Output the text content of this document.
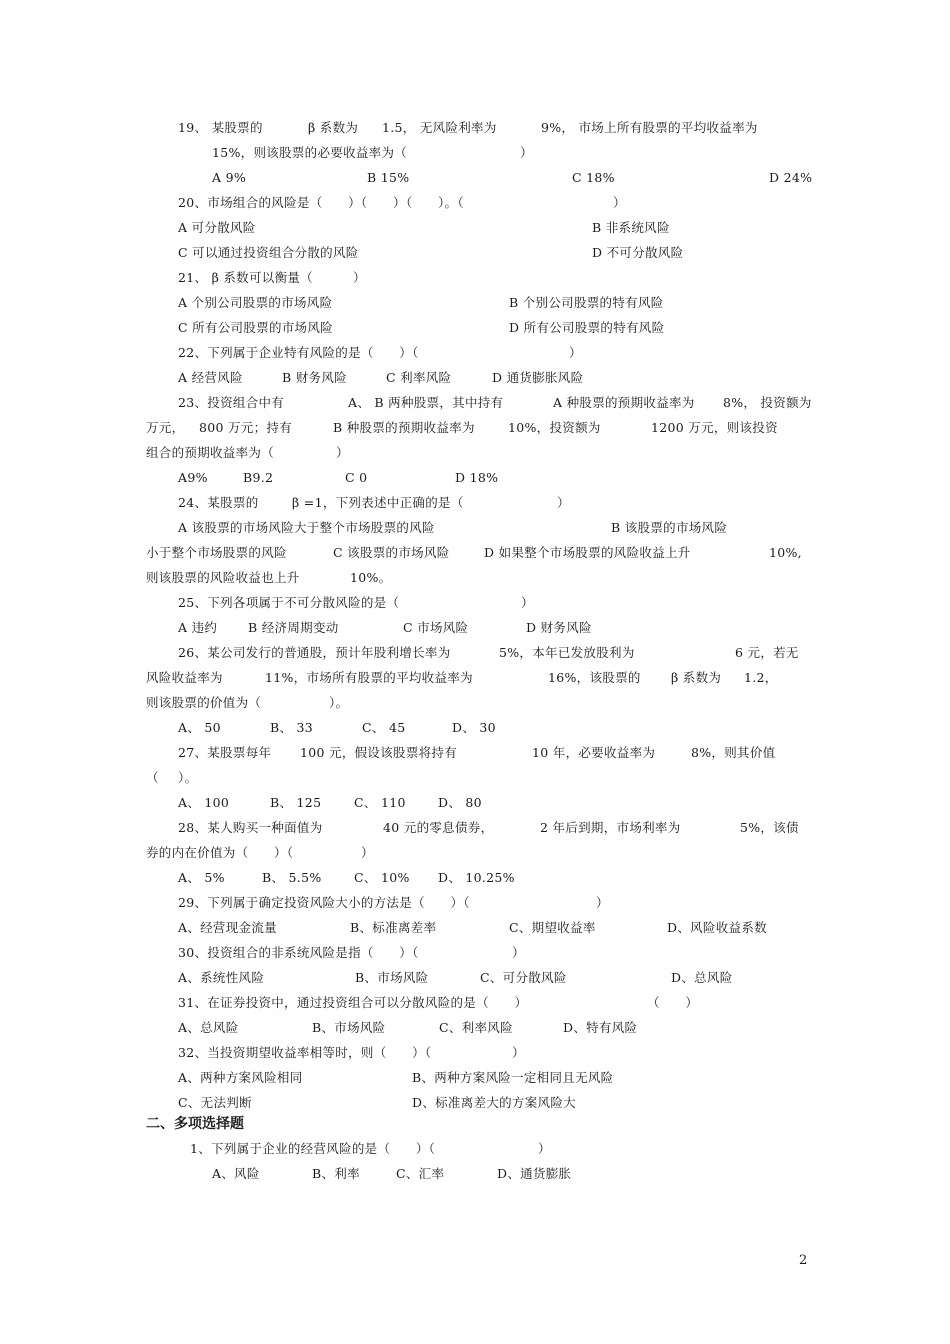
19、 某股票的	β 系数为 1.5， 无风险利率为	9%， 市场上所有股票的平均收益率为
15%，则该股票的必要收益率为（	）
A 9%	B 15%	C 18%	D 24%
20、市场组合的风险是（　　）（　　）（　　）。（	）
A 可分散风险	B 非系统风险
C 可以通过投资组合分散的风险	D 不可分散风险
21、 β 系数可以衡量（	）
A 个别公司股票的市场风险	B 个别公司股票的特有风险
C 所有公司股票的市场风险	D 所有公司股票的特有风险
22、下列属于企业特有风险的是（　　）（	）
A 经营风险	B 财务风险	C 利率风险	D 通货膨胀风险
23、投资组合中有	A、 B 两种股票，其中持有	A 种股票的预期收益率为 8%， 投资额为
万元， 800 万元；持有	B 种股票的预期收益率为	10%，投资额为	1200 万元，则该投资
组合的预期收益率为（	）
A9%	B9.2	C 0	D 18%
24、某股票的	β =1，下列表述中正确的是（	）
A 该股票的市场风险大于整个市场股票的风险　　　　	B 该股票的市场风险
小于整个市场股票的风险	C 该股票的市场风险	D 如果整个市场股票的风险收益上升	10%,
则该股票的风险收益也上升	10%。
25、下列各项属于不可分散风险的是（	）
A 违约 B 经济周期变动	C 市场风险	D 财务风险
26、某公司发行的普通股，预计年股利增长率为	5%，本年已发放股利为	6 元，若无
风险收益率为	11%，市场所有股票的平均收益率为	16%，该股票的 β 系数为 1.2，
则该股票的价值为（	）。
A、 50	B、 33	C、 45	D、 30
27、某股票每年 100 元，假设该股票将持有	10 年，必要收益率为	8%，则其价值
（ ）。
A、 100	B、 125	C、 110	D、 80
28、某人购买一种面值为	40 元的零息债券，	2 年后到期，市场利率为	5%，该债
券的内在价值为（　　）（	）
A、 5%	B、 5.5%	C、 10% D、 10.25%
29、下列属于确定投资风险大小的方法是（　　）（	）
A、经营现金流量	B、标准离差率	C、期望收益率	D、风险收益系数
30、投资组合的非系统风险是指（　　）（	）
A、系统性风险	B、市场风险	C、可分散风险	D、总风险
31、在证券投资中，通过投资组合可以分散风险的是（　　）	（　　）
A、总风险	B、市场风险	C、利率风险	D、特有风险
32、当投资期望收益率相等时，则（　　）（	）
A、两种方案风险相同	B、两种方案风险一定相同且无风险
C、无法判断	D、标准离差大的方案风险大
1、下列属于企业的经营风险的是（　　）（	）
A、风险	B、利率	C、汇率	D、通货膨胀
二、多项选择题
2
